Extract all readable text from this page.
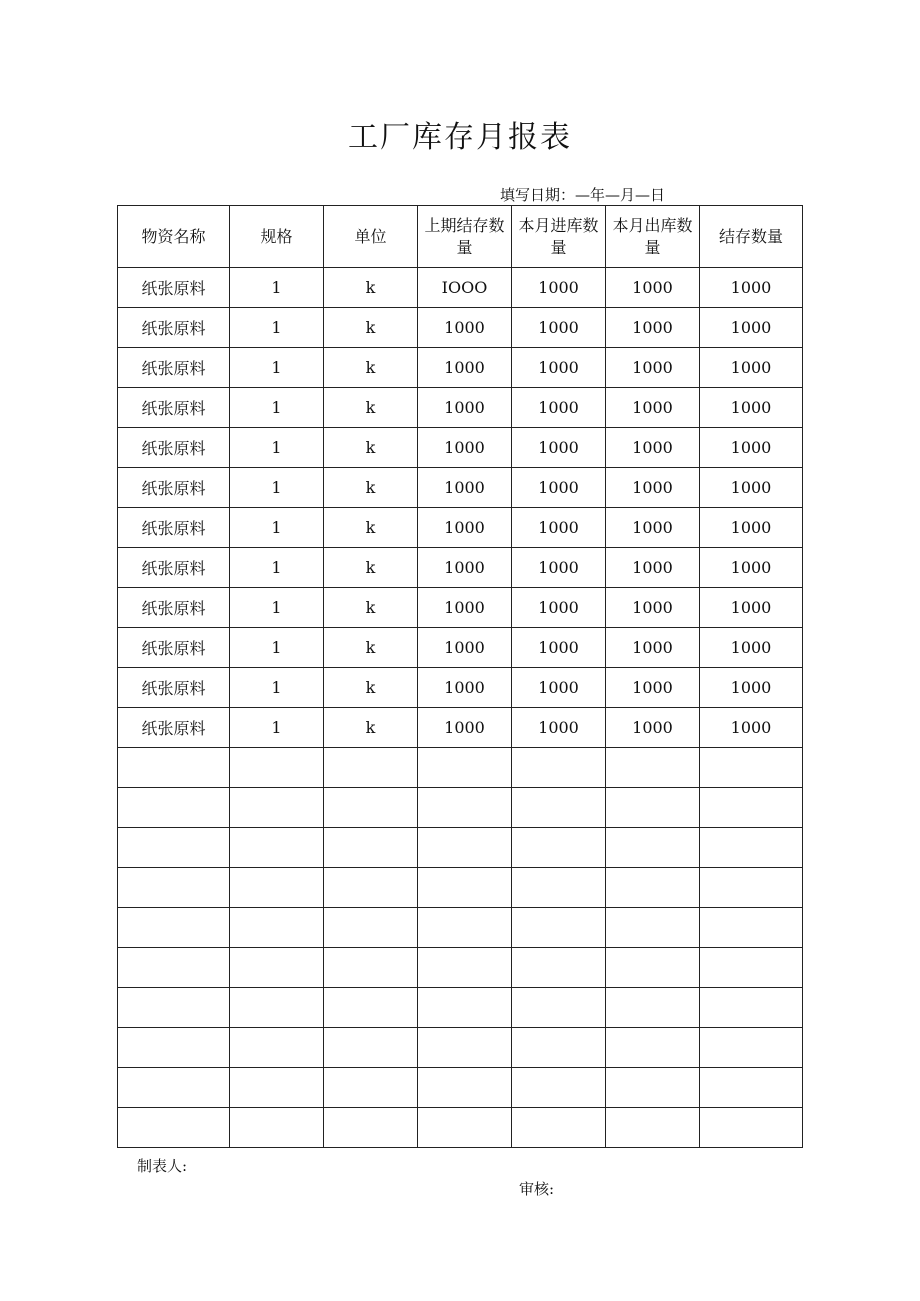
工厂库存月报表
填写日期：—年—月—日
物资名称	规格	单位	上期结存数量	本月进库数量	本月出库数量	结存数量
纸张原料	1	k	IOOO	1000	1000	1000
纸张原料	1	k	1000	1000	1000	1000
纸张原料	1	k	1000	1000	1000	1000
纸张原料	1	k	1000	1000	1000	1000
纸张原料	1	k	1000	1000	1000	1000
纸张原料	1	k	1000	1000	1000	1000
纸张原料	1	k	1000	1000	1000	1000
纸张原料	1	k	1000	1000	1000	1000
纸张原料	1	k	1000	1000	1000	1000
纸张原料	1	k	1000	1000	1000	1000
纸张原料	1	k	1000	1000	1000	1000
纸张原料	1	k	1000	1000	1000	1000

制表人:
审核:
